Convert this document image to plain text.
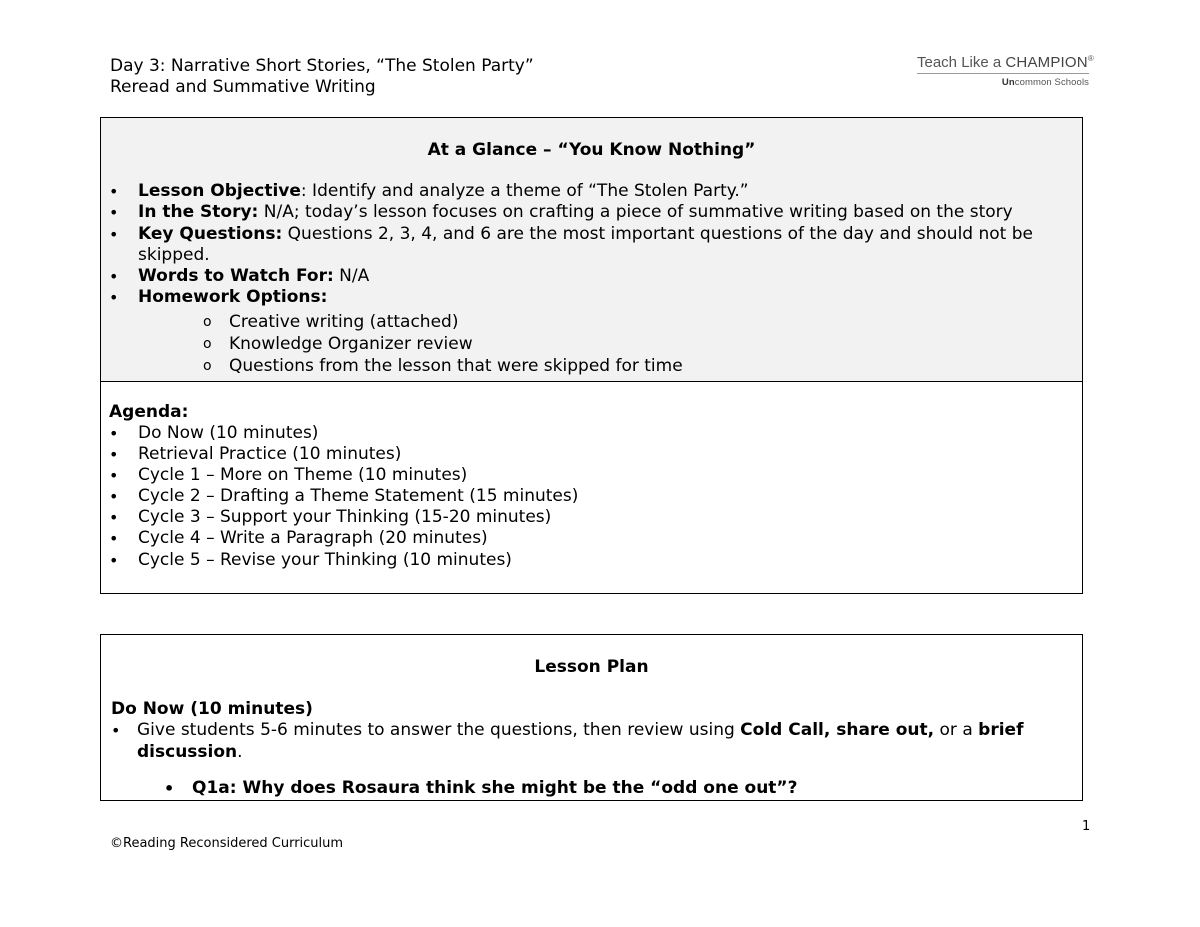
Day 3: Narrative Short Stories, “The Stolen Party”
Reread and Summative Writing
Teach Like a CHAMPION®
Uncommon Schools
At a Glance – “You Know Nothing”
• Lesson Objective: Identify and analyze a theme of “The Stolen Party.”
• In the Story: N/A; today’s lesson focuses on crafting a piece of summative writing based on the story
• Key Questions: Questions 2, 3, 4, and 6 are the most important questions of the day and should not be skipped.
• Words to Watch For: N/A
• Homework Options:
o Creative writing (attached)
o Knowledge Organizer review
o Questions from the lesson that were skipped for time
Agenda:
• Do Now (10 minutes)
• Retrieval Practice (10 minutes)
• Cycle 1 – More on Theme (10 minutes)
• Cycle 2 – Drafting a Theme Statement (15 minutes)
• Cycle 3 – Support your Thinking (15-20 minutes)
• Cycle 4 – Write a Paragraph (20 minutes)
• Cycle 5 – Revise your Thinking (10 minutes)
Lesson Plan
Do Now (10 minutes)
• Give students 5-6 minutes to answer the questions, then review using Cold Call, share out, or a brief discussion.
• Q1a: Why does Rosaura think she might be the “odd one out”?
1
©Reading Reconsidered Curriculum
